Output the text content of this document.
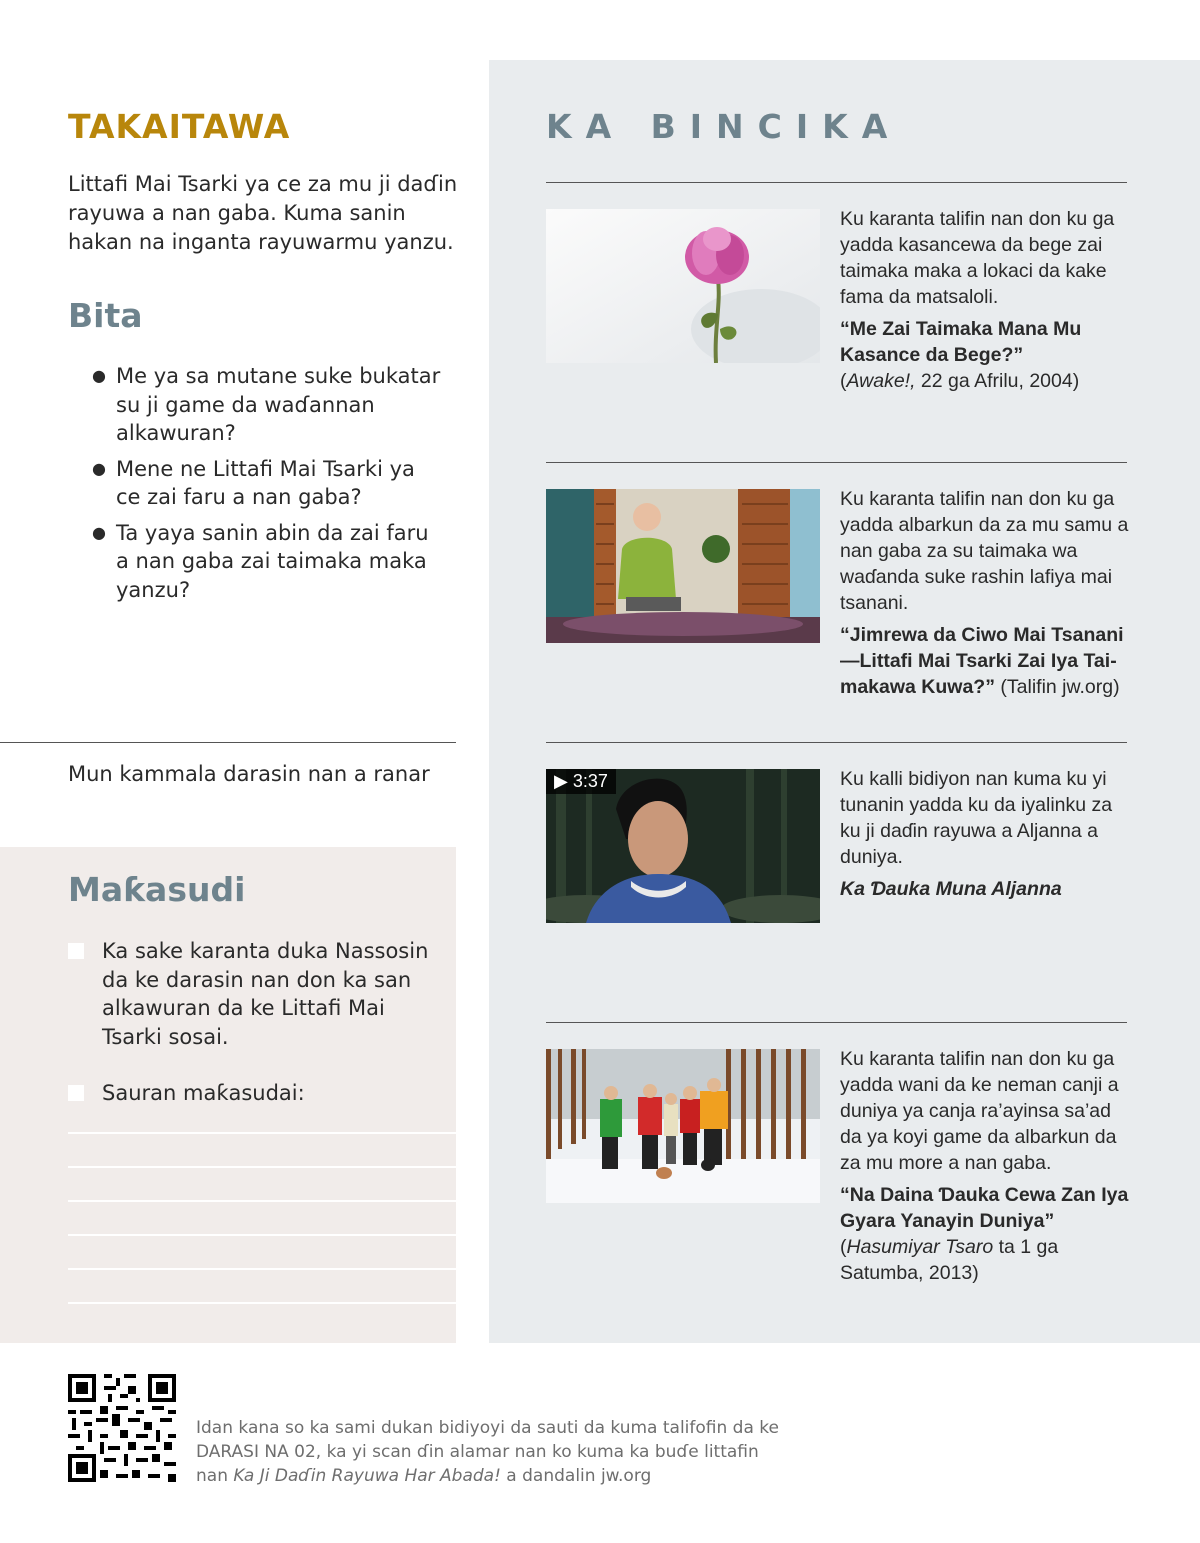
TAKAITAWA
Littafi Mai Tsarki ya ce za mu ji daɗin rayuwa a nan gaba. Kuma sanin hakan na inganta rayuwarmu yanzu.
Bita
● Me ya sa mutane suke bukatar su ji game da waɗannan alkawuran?
● Mene ne Littafi Mai Tsarki ya ce zai faru a nan gaba?
● Ta yaya sanin abin da zai faru a nan gaba zai taimaka maka yanzu?
Mun kammala darasin nan a ranar
Maƙasudi
Ka sake karanta duka Nassosin da ke darasin nan don ka san alkawuran da ke Littafi Mai Tsarki sosai.
Sauran maƙasudai:
KA BINCIKA
Ku karanta talifin nan don ku ga yadda kasancewa da bege zai taimaka maka a lokaci da kake fama da matsaloli.
“Me Zai Taimaka Mana Mu Kasance da Bege?”
(Awake!, 22 ga Afrilu, 2004)
Ku karanta talifin nan don ku ga yadda albarkun da za mu samu a nan gaba za su taimaka wa waɗanda suke rashin lafiya mai tsanani.
“Jimrewa da Ciwo Mai Tsanani —Littafi Mai Tsarki Zai Iya Taimakawa Kuwa?” (Talifin jw.org)
▶ 3:37	Ku kalli bidiyon nan kuma ku yi tunanin yadda ku da iyalinku za ku ji daɗin rayuwa a Aljanna a duniya.
Ka Ɗauka Muna Aljanna
Ku karanta talifin nan don ku ga yadda wani da ke neman canji a duniya ya canja ra’ayinsa sa’ad da ya koyi game da albarkun da za mu more a nan gaba.
“Na Daina Ɗauka Cewa Zan Iya Gyara Yanayin Duniya”
(Hasumiyar Tsaro ta 1 ga Satumba, 2013)
Idan kana so ka sami dukan bidiyoyi da sauti da kuma talifofin da ke DARASI NA 02, ka yi scan ɗin alamar nan ko kuma ka buɗe littafin nan Ka Ji Daɗin Rayuwa Har Abada! a dandalin jw.org
